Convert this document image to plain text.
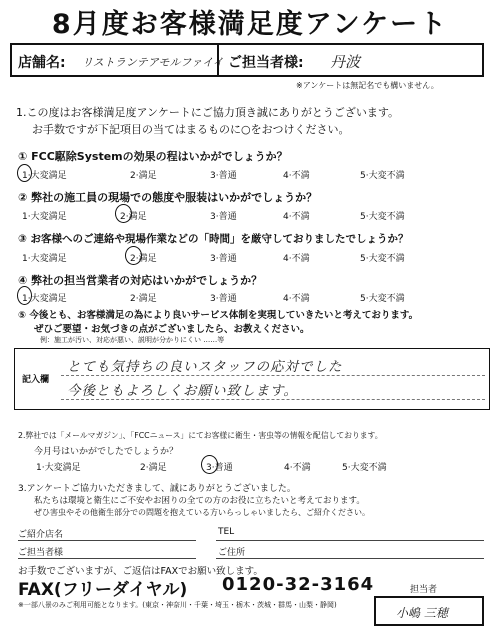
8月度お客様満足度アンケート
店舗名: リストランテアモルファイイ ご担当者様: 丹波
※アンケートは無記名でも構いません。
1.この度はお客様満足度アンケートにご協力頂き誠にありがとうございます。
お手数ですが下記項目の当てはまるものに○をおつけください。
① FCC駆除Systemの効果の程はいかがでしょうか？
1·大変満足	2·満足	3·普通	4·不満	5·大変不満
② 弊社の施工員の現場での態度や服装はいかがでしょうか？
1·大変満足	2·満足	3·普通	4·不満	5·大変不満
③ お客様へのご連絡や現場作業などの「時間」を厳守しておりましたでしょうか？
1·大変満足	2·満足	3·普通	4·不満	5·大変不満
④ 弊社の担当営業者の対応はいかがでしょうか？
1·大変満足	2·満足	3·普通	4·不満	5·大変不満
⑤ 今後とも、お客様満足の為により良いサービス体制を実現していきたいと考えております。
ぜひご要望・お気づきの点がございましたら、お教えください。
例：施工が汚い、対応が悪い、説明が分かりにくい ……等
記入欄
とても気持ちの良いスタッフの応対でした
今後ともよろしくお願い致します。
2.弊社では「メールマガジン」、「FCCニュース」にてお客様に衛生・害虫等の情報を配信しております。
今月号はいかがでしたでしょうか？
1·大変満足	2·満足	3·普通	4·不満	5·大変不満
3.アンケートご協力いただきまして、誠にありがとうございました。
私たちは環境と衛生にご不安やお困りの全ての方のお役に立ちたいと考えております。
ぜひ害虫やその他衛生部分での問題を抱えている方いらっしゃいましたら、ご紹介ください。
ご紹介店名	TEL
ご担当者様	ご住所
お手数でございますが、ご返信はFAXでお願い致します。
FAX(フリーダイヤル) 0120-32-3164
※一部八景のみご利用可能となります。(東京・神奈川・千葉・埼玉・栃木・茨城・群馬・山梨・静岡)
担当者
小嶋 三穂
